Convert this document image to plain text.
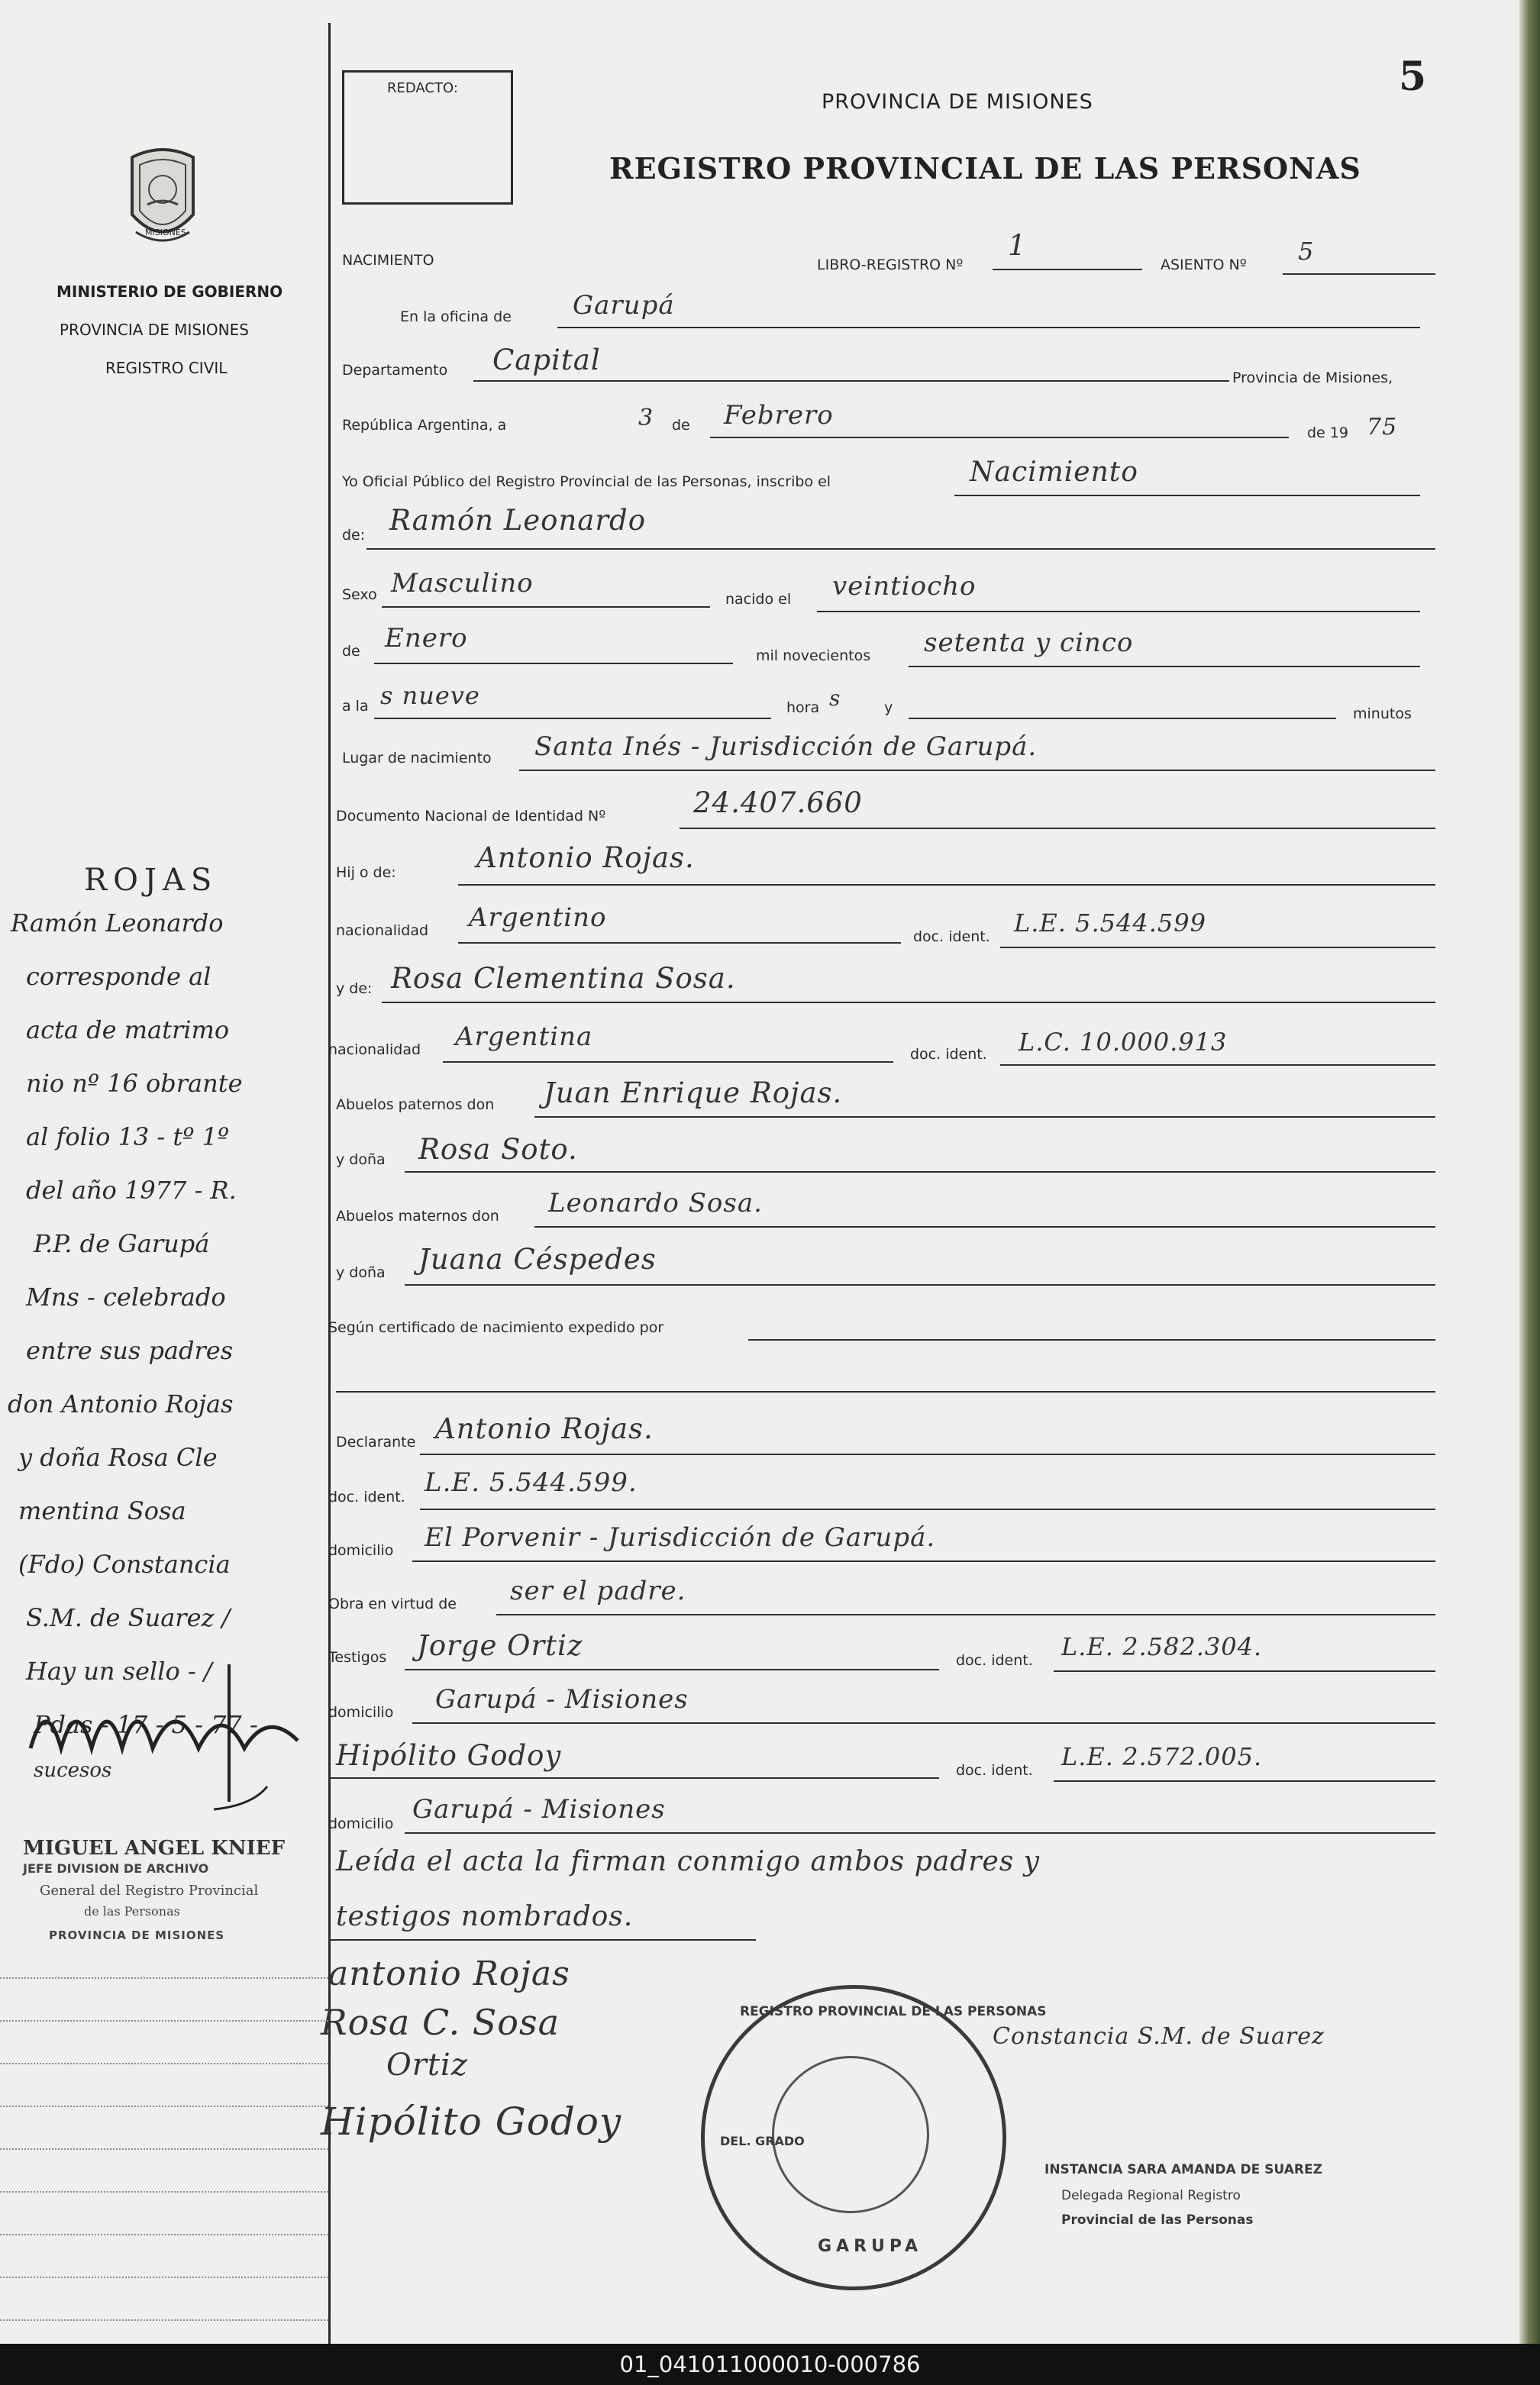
5
REDACTO:
PROVINCIA DE MISIONES
REGISTRO PROVINCIAL DE LAS PERSONAS
MISIONES
MINISTERIO DE GOBIERNO
PROVINCIA DE MISIONES
REGISTRO CIVIL
NACIMIENTO	LIBRO-REGISTRO Nº
1
ASIENTO Nº 5
En la oficina de Garupá
Departamento Capital
Provincia de Misiones,
República Argentina, a	3 de Febrero
de 19 75
Yo Oficial Público del Registro Provincial de las Personas, inscribo el	Nacimiento
de: Ramón Leonardo
Sexo Masculino
nacido el veintiocho
de Enero
mil novecientos setenta y cinco
a la s nueve	hora s	y	minutos
Lugar de nacimiento Santa Inés - Jurisdicción de Garupá.
Documento Nacional de Identidad Nº	24.407.660
Hij o de:	Antonio Rojas.
nacionalidad Argentino
doc. ident. L.E. 5.544.599
y de: Rosa Clementina Sosa.
nacionalidad Argentina
doc. ident. L.C. 10.000.913
Abuelos paternos don Juan Enrique Rojas.
y doña Rosa Soto.
Abuelos maternos don Leonardo Sosa.
y doña Juana Céspedes
Según certificado de nacimiento expedido por
Declarante Antonio Rojas.
doc. ident. L.E. 5.544.599.
domicilio El Porvenir - Jurisdicción de Garupá.
Obra en virtud de ser el padre.
Testigos Jorge Ortiz	doc. ident. L.E. 2.582.304.
domicilio Garupá - Misiones
Hipólito Godoy	doc. ident. L.E. 2.572.005.
domicilio Garupá - Misiones
Leída el acta la firman conmigo ambos padres y
testigos nombrados.
antonio Rojas
Rosa C. Sosa
Ortiz
Hipólito Godoy
Constancia S.M. de Suarez
REGISTRO PROVINCIAL DE LAS PERSONAS
DEL. GRADO
GARUPA
INSTANCIA SARA AMANDA DE SUAREZ
Delegada Regional Registro
Provincial de las Personas
ROJAS
Ramón Leonardo
corresponde al
acta de matrimo
nio nº 16 obrante
al folio 13 - tº 1º
del año 1977 - R.
P.P. de Garupá
Mns - celebrado
entre sus padres
don Antonio Rojas
y doña Rosa Cle
mentina Sosa
(Fdo) Constancia
S.M. de Suarez /
Hay un sello - /
Pdas - 17 - 5 - 77 -
sucesos
MIGUEL ANGEL KNIEF
JEFE DIVISION DE ARCHIVO
General del Registro Provincial
de las Personas
PROVINCIA DE MISIONES
01_041011000010-000786
